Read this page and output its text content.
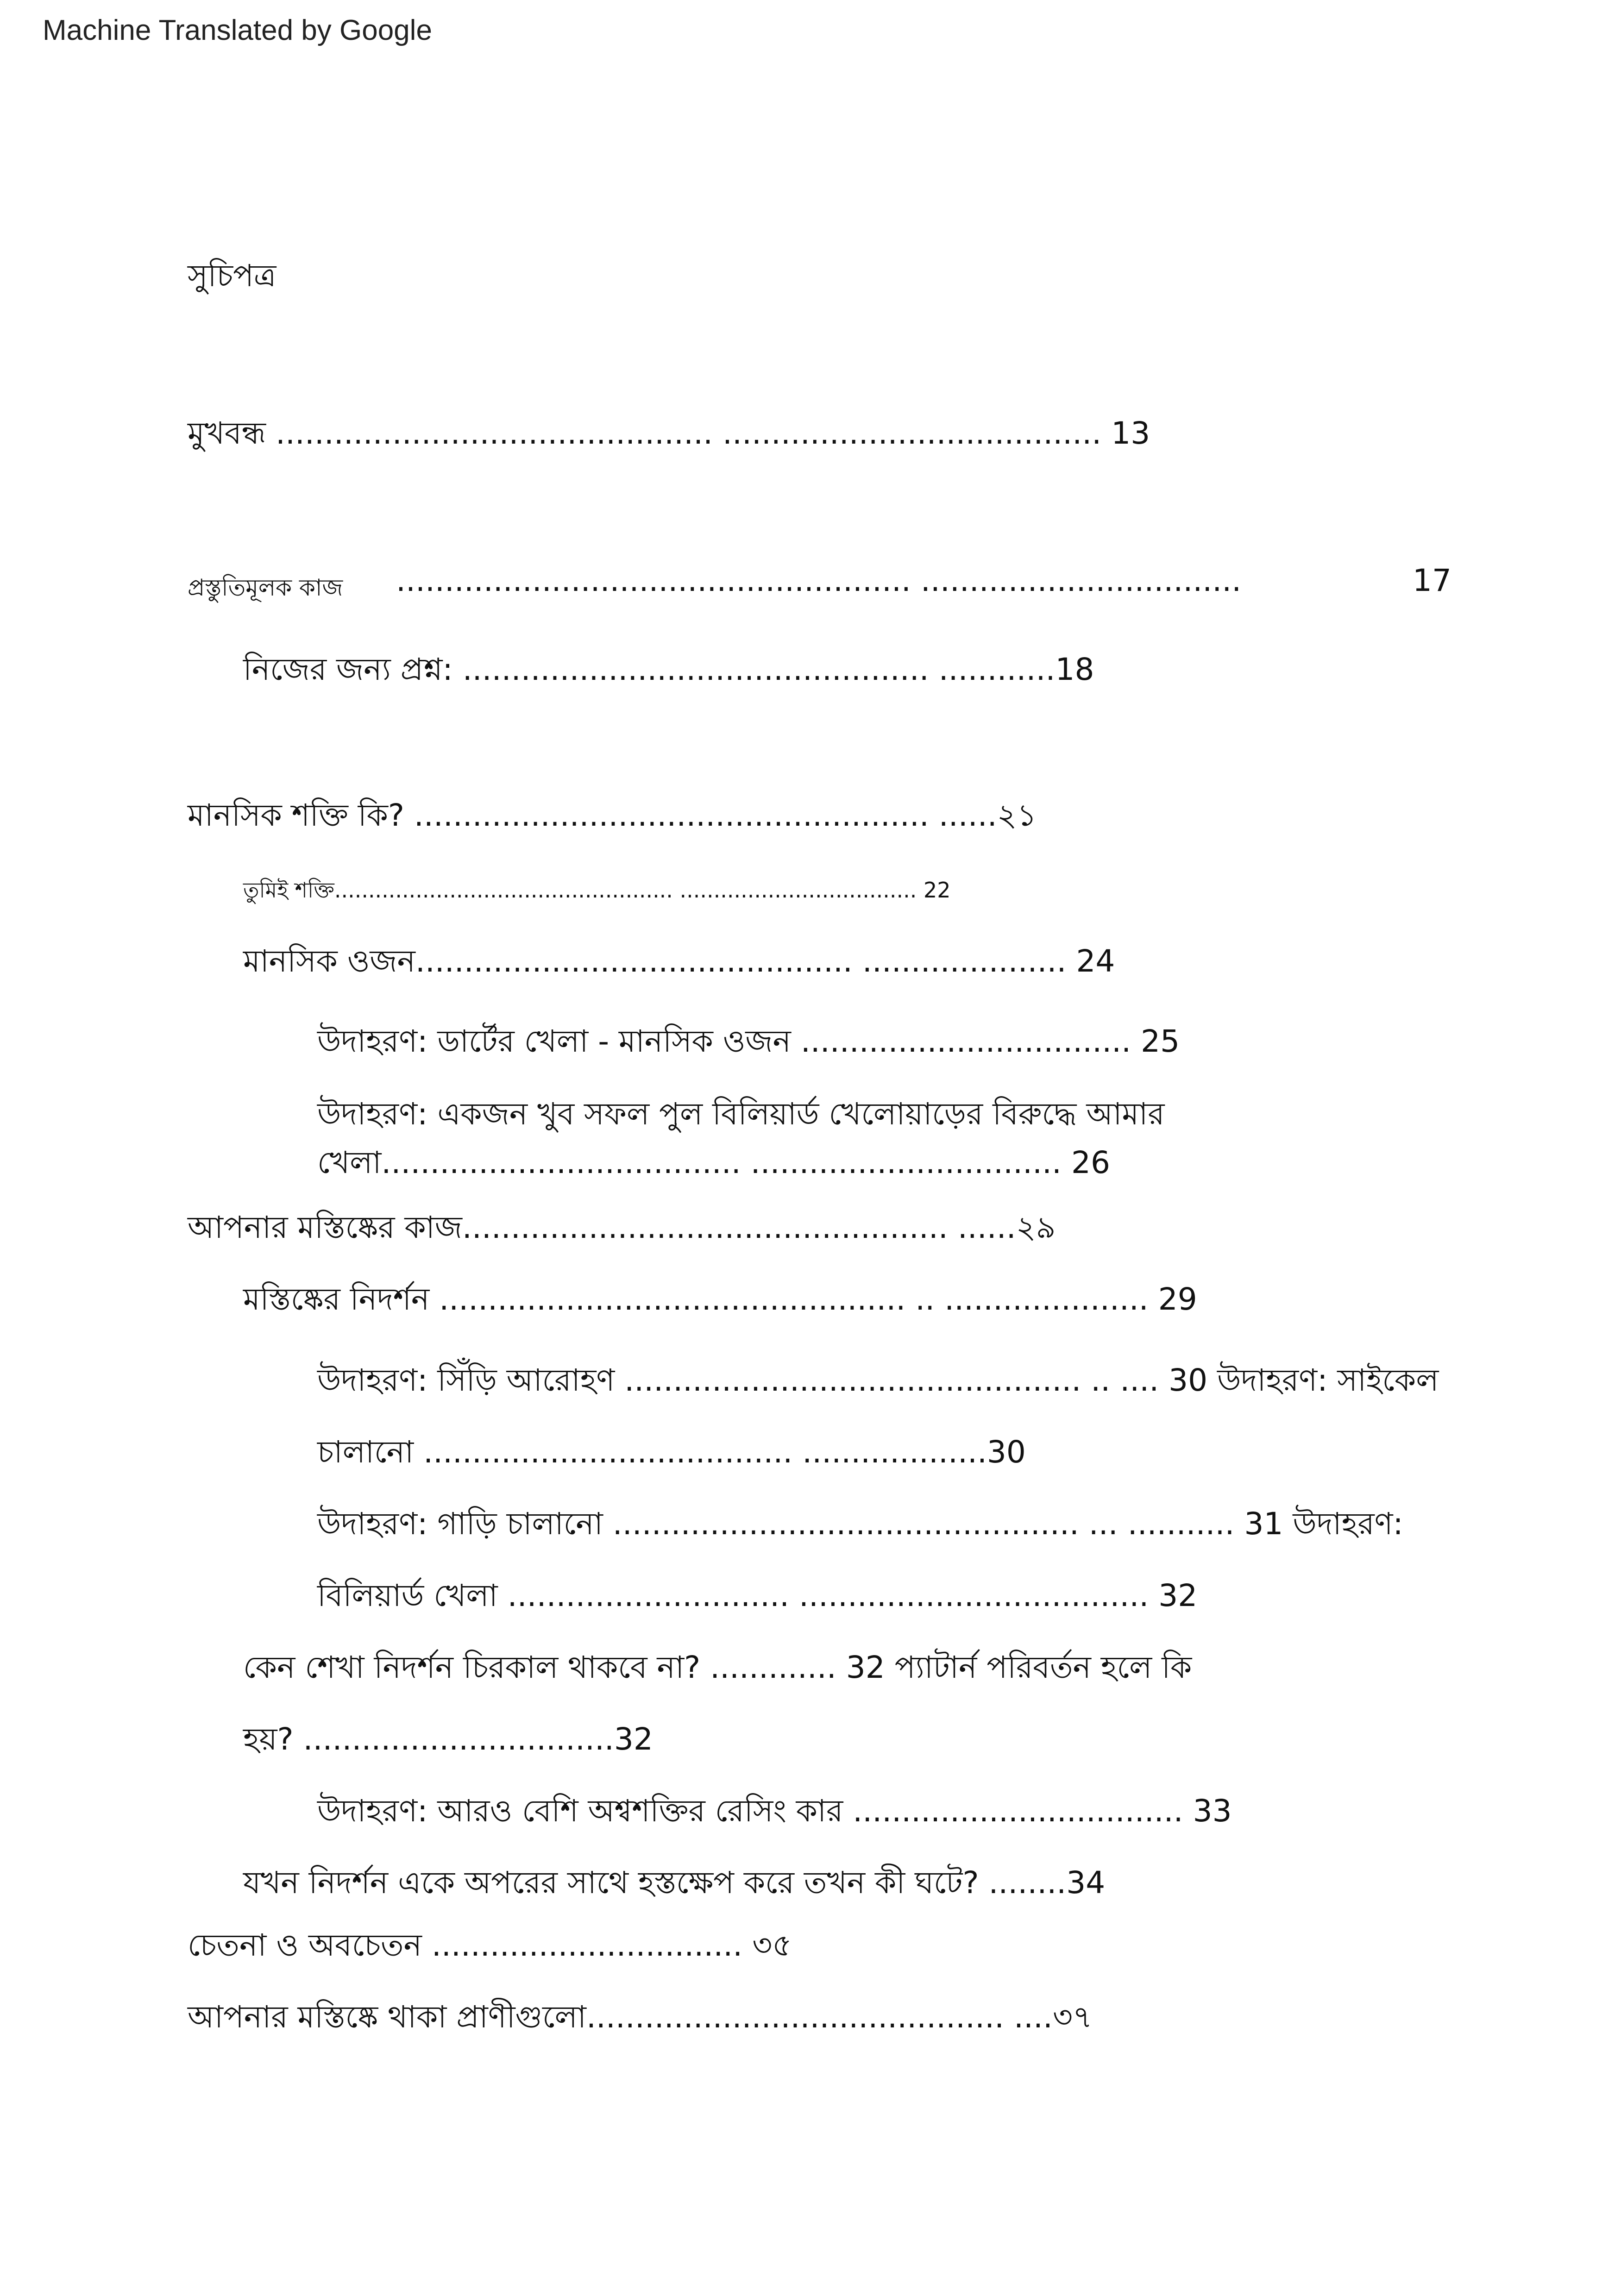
Machine Translated by Google
সুচিপত্র
মুখবন্ধ ............................................. ....................................... 13
প্রস্তুতিমূলক কাজ ..................................................... .................................	17
নিজের জন্য প্রশ্ন: ................................................ ............18
মানসিক শক্তি কি? ..................................................... ......২১
তুমিই শক্তি.................................................. ................................... 22
মানসিক ওজন............................................. ..................... 24
উদাহরণ: ডার্টের খেলা - মানসিক ওজন .................................. 25
উদাহরণ: একজন খুব সফল পুল বিলিয়ার্ড খেলোয়াড়ের বিরুদ্ধে আমার
খেলা..................................... ................................ 26
আপনার মস্তিষ্কের কাজ.................................................. ......২৯
মস্তিষ্কের নিদর্শন ................................................ .. ..................... 29
উদাহরণ: সিঁড়ি আরোহণ ............................................... .. .... 30 উদাহরণ: সাইকেল
চালানো ...................................... ...................30
উদাহরণ: গাড়ি চালানো ................................................ ... ........... 31 উদাহরণ:
বিলিয়ার্ড খেলা ............................. .................................... 32
কেন শেখা নিদর্শন চিরকাল থাকবে না? ............. 32 প্যাটার্ন পরিবর্তন হলে কি
হয়? ................................32
উদাহরণ: আরও বেশি অশ্বশক্তির রেসিং কার .................................. 33
যখন নিদর্শন একে অপরের সাথে হস্তক্ষেপ করে তখন কী ঘটে? ........34
চেতনা ও অবচেতন ................................ ৩৫
আপনার মস্তিষ্কে থাকা প্রাণীগুলো........................................... ....৩৭
